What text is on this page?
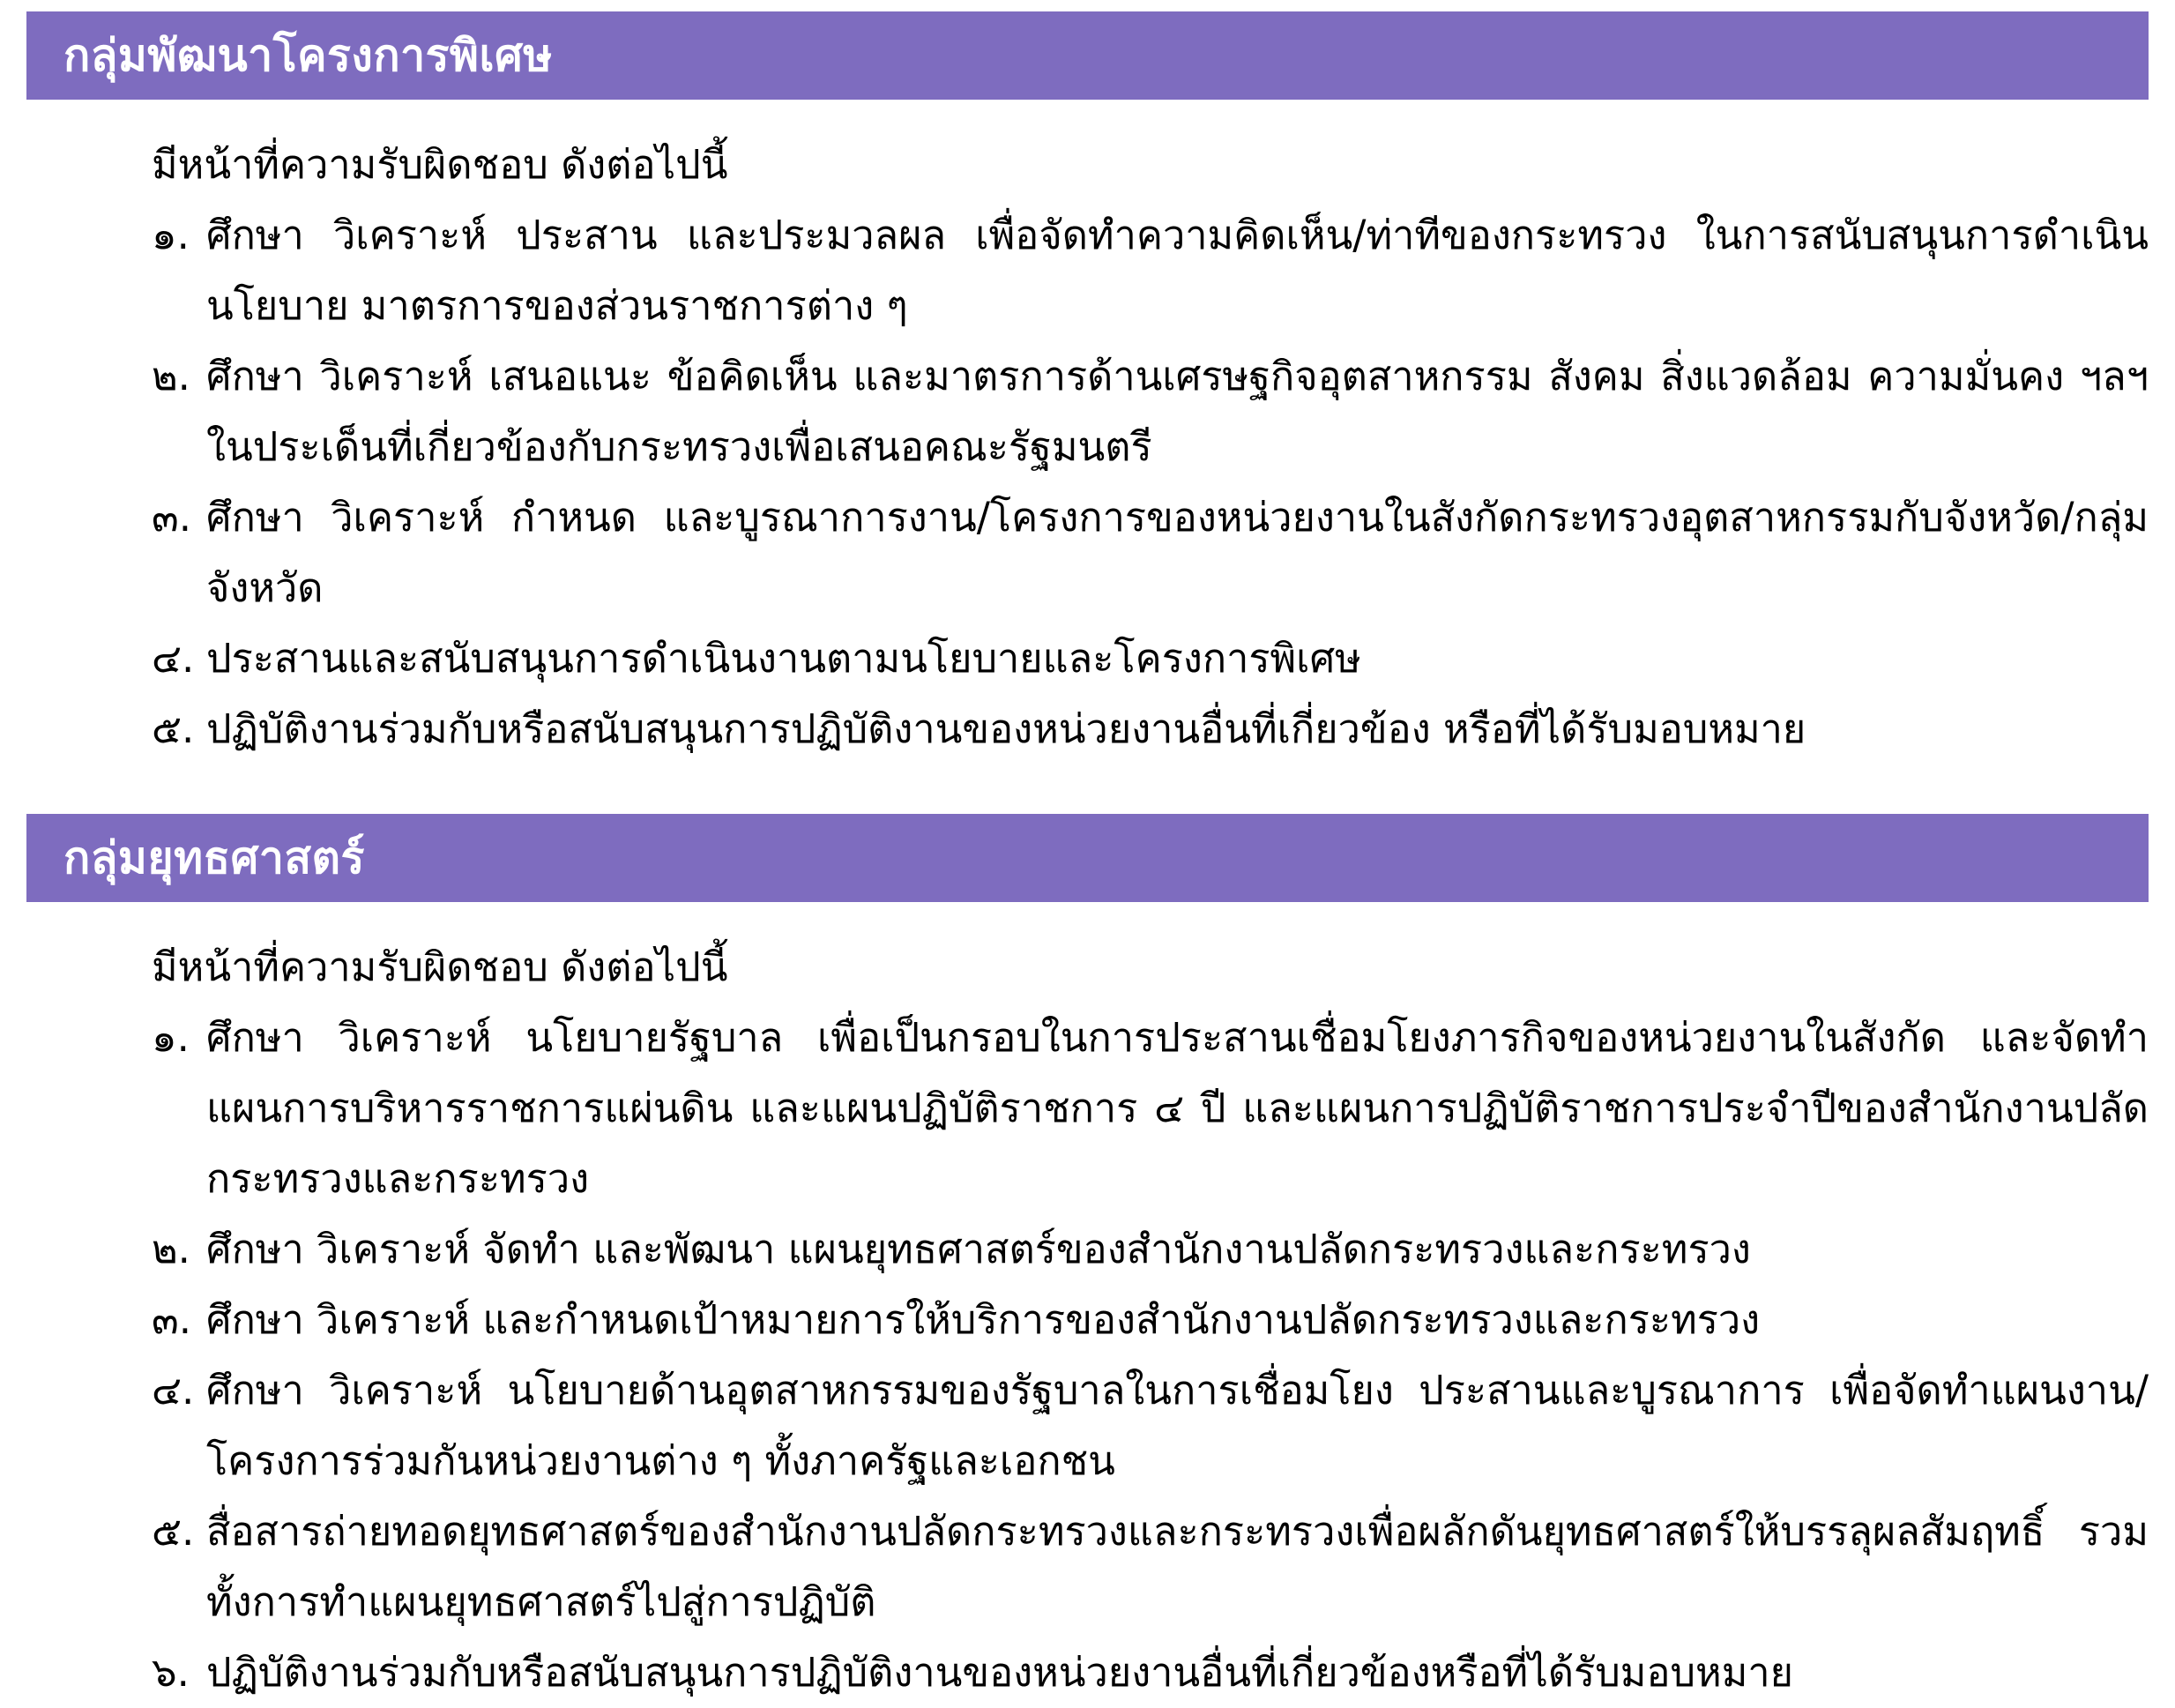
กลุ่มพัฒนาโครงการพิเศษ
มีหน้าที่ความรับผิดชอบ ดังต่อไปนี้
๑. ศึกษา วิเคราะห์ ประสาน และประมวลผล เพื่อจัดทำความคิดเห็น/ท่าทีของกระทรวง ในการสนับสนุนการดำเนินนโยบาย มาตรการของส่วนราชการต่าง ๆ
๒. ศึกษา วิเคราะห์ เสนอแนะ ข้อคิดเห็น และมาตรการด้านเศรษฐกิจอุตสาหกรรม สังคม สิ่งแวดล้อม ความมั่นคง ฯลฯ ในประเด็นที่เกี่ยวข้องกับกระทรวงเพื่อเสนอคณะรัฐมนตรี
๓. ศึกษา วิเคราะห์ กำหนด และบูรณาการงาน/โครงการของหน่วยงานในสังกัดกระทรวงอุตสาหกรรมกับจังหวัด/กลุ่มจังหวัด
๔. ประสานและสนับสนุนการดำเนินงานตามนโยบายและโครงการพิเศษ
๕. ปฏิบัติงานร่วมกับหรือสนับสนุนการปฏิบัติงานของหน่วยงานอื่นที่เกี่ยวข้อง หรือที่ได้รับมอบหมาย
กลุ่มยุทธศาสตร์
มีหน้าที่ความรับผิดชอบ ดังต่อไปนี้
๑. ศึกษา วิเคราะห์ นโยบายรัฐบาล เพื่อเป็นกรอบในการประสานเชื่อมโยงภารกิจของหน่วยงานในสังกัด และจัดทำ​แผนการบริหารราชการแผ่นดิน และแผนปฏิบัติราชการ ๔ ปี และแผนการปฏิบัติราชการประจำปีของสำนักงานปลัดกระทรวง​และกระทรวง
๒. ศึกษา วิเคราะห์ จัดทำ และพัฒนา แผนยุทธศาสตร์ของสำนักงานปลัดกระทรวงและกระทรวง
๓. ศึกษา วิเคราะห์ และกำหนดเป้าหมายการให้บริการของสำนักงานปลัดกระทรวงและกระทรวง
๔. ศึกษา วิเคราะห์ นโยบายด้านอุตสาหกรรมของรัฐบาลในการเชื่อมโยง ประสานและบูรณาการ เพื่อจัดทำแผนงาน/โครงการ​ร่วมกันหน่วยงานต่าง ๆ ทั้งภาครัฐและเอกชน
๕. สื่อสารถ่ายทอดยุทธศาสตร์ของสำนักงานปลัดกระทรวงและกระทรวงเพื่อผลักดันยุทธศาสตร์ให้บรรลุผลสัมฤทธิ์ รวมทั้งการ​ทำแผนยุทธศาสตร์ไปสู่การปฏิบัติ
๖. ปฏิบัติงานร่วมกับหรือสนับสนุนการปฏิบัติงานของหน่วยงานอื่นที่เกี่ยวข้องหรือที่ได้รับมอบหมาย
